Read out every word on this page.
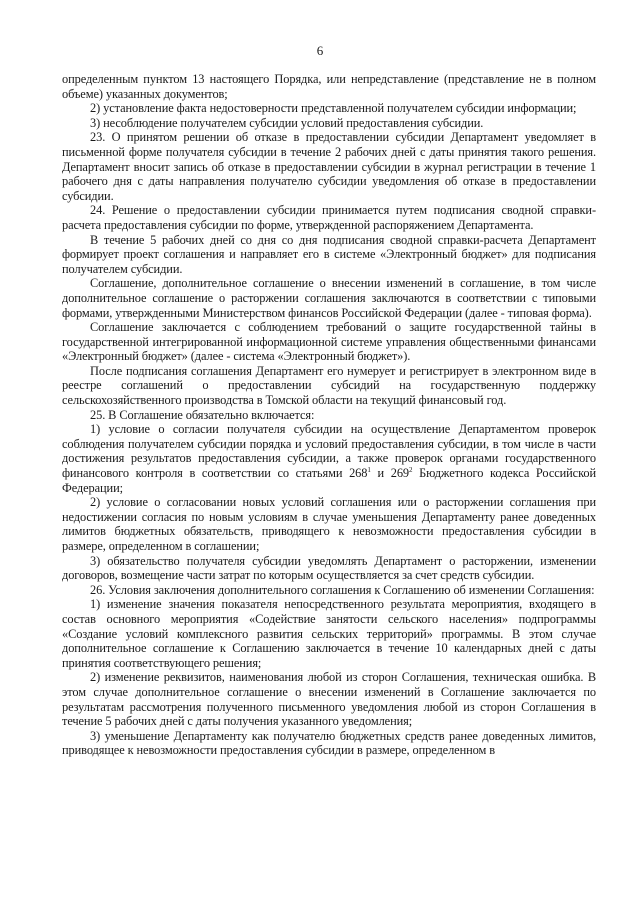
6

определенным пунктом 13 настоящего Порядка, или непредставление (представление не в полном объеме) указанных документов;

2) установление факта недостоверности представленной получателем субсидии информации;

3) несоблюдение получателем субсидии условий предоставления субсидии.

23. О принятом решении об отказе в предоставлении субсидии Департамент уведомляет в письменной форме получателя субсидии в течение 2 рабочих дней с даты принятия такого решения. Департамент вносит запись об отказе в предоставлении субсидии в журнал регистрации в течение 1 рабочего дня с даты направления получателю субсидии уведомления об отказе в предоставлении субсидии.

24. Решение о предоставлении субсидии принимается путем подписания сводной справки-расчета предоставления субсидии по форме, утвержденной распоряжением Департамента.

В течение 5 рабочих дней со дня со дня подписания сводной справки-расчета Департамент формирует проект соглашения и направляет его в системе «Электронный бюджет» для подписания получателем субсидии.

Соглашение, дополнительное соглашение о внесении изменений в соглашение, в том числе дополнительное соглашение о расторжении соглашения заключаются в соответствии с типовыми формами, утвержденными Министерством финансов Российской Федерации (далее - типовая форма).

Соглашение заключается с соблюдением требований о защите государственной тайны в государственной интегрированной информационной системе управления общественными финансами «Электронный бюджет» (далее - система «Электронный бюджет»).

После подписания соглашения Департамент его нумерует и регистрирует в электронном виде в реестре соглашений о предоставлении субсидий на государственную поддержку сельскохозяйственного производства в Томской области на текущий финансовый год.

25. В Соглашение обязательно включается:

1) условие о согласии получателя субсидии на осуществление Департаментом проверок соблюдения получателем субсидии порядка и условий предоставления субсидии, в том числе в части достижения результатов предоставления субсидии, а также проверок органами государственного финансового контроля в соответствии со статьями $268^1$ и $269^2$ Бюджетного кодекса Российской Федерации;

2) условие о согласовании новых условий соглашения или о расторжении соглашения при недостижении согласия по новым условиям в случае уменьшения Департаменту ранее доведенных лимитов бюджетных обязательств, приводящего к невозможности предоставления субсидии в размере, определенном в соглашении;

3) обязательство получателя субсидии уведомлять Департамент о расторжении, изменении договоров, возмещение части затрат по которым осуществляется за счет средств субсидии.

26. Условия заключения дополнительного соглашения к Соглашению об изменении Соглашения:

1) изменение значения показателя непосредственного результата мероприятия, входящего в состав основного мероприятия «Содействие занятости сельского населения» подпрограммы «Создание условий комплексного развития сельских территорий» программы. В этом случае дополнительное соглашение к Соглашению заключается в течение 10 календарных дней с даты принятия соответствующего решения;

2) изменение реквизитов, наименования любой из сторон Соглашения, техническая ошибка. В этом случае дополнительное соглашение о внесении изменений в Соглашение заключается по результатам рассмотрения полученного письменного уведомления любой из сторон Соглашения в течение 5 рабочих дней с даты получения указанного уведомления;

3) уменьшение Департаменту как получателю бюджетных средств ранее доведенных лимитов, приводящее к невозможности предоставления субсидии в размере, определенном в
